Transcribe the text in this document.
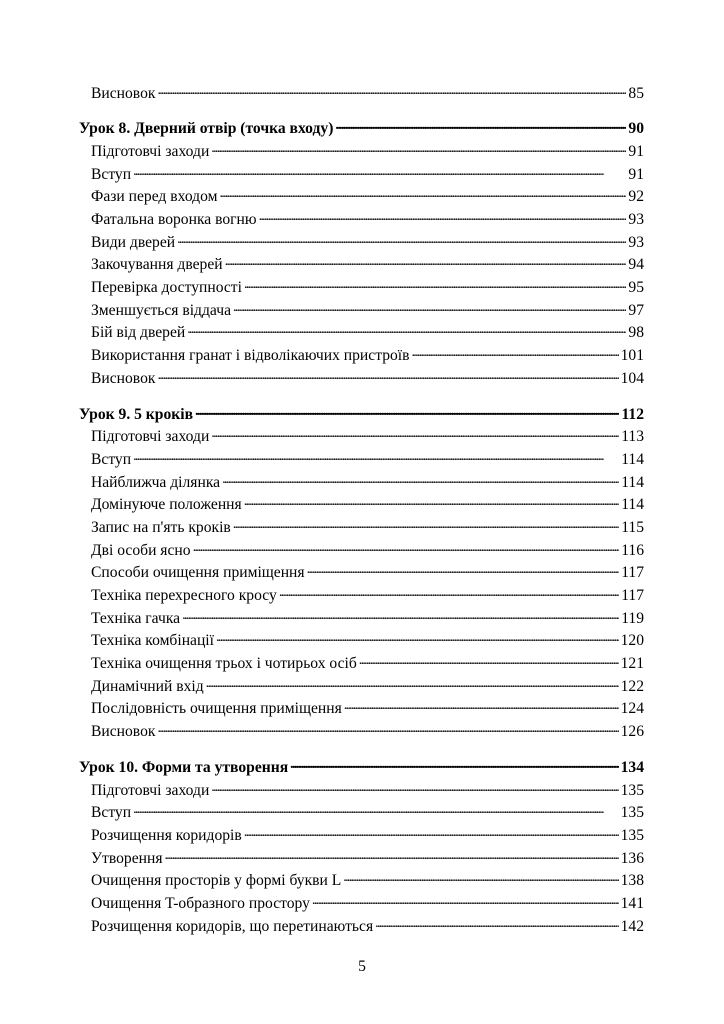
Висновок . . .	85
Урок 8. Дверний отвір (точка входу) . . .	90
Підготовчі заходи . . .	91
Вступ . . .	91
Фази перед входом . . .	92
Фатальна воронка вогню . . .	93
Види дверей . . .	93
Закочування дверей . . .	94
Перевірка доступності . . .	95
Зменшується віддача . . .	97
Бій від дверей . . .	98
Використання гранат і відволікаючих пристроїв . . .	101
Висновок . . .	104
Урок 9. 5 кроків . . .	112
Підготовчі заходи . . .	113
Вступ . . .	114
Найближча ділянка . . .	114
Домінуюче положення . . .	114
Запис на п'ять кроків . . .	115
Дві особи ясно . . .	116
Способи очищення приміщення . . .	117
Техніка перехресного кросу . . .	117
Техніка гачка . . .	119
Техніка комбінації . . .	120
Техніка очищення трьох і чотирьох осіб . . .	121
Динамічний вхід . . .	122
Послідовність очищення приміщення . . .	124
Висновок . . .	126
Урок 10. Форми та утворення . . .	134
Підготовчі заходи . . .	135
Вступ . . .	135
Розчищення коридорів . . .	135
Утворення . . .	136
Очищення просторів у формі букви L . . .	138
Очищення T-образного простору . . .	141
Розчищення коридорів, що перетинаються . . .	142
5
